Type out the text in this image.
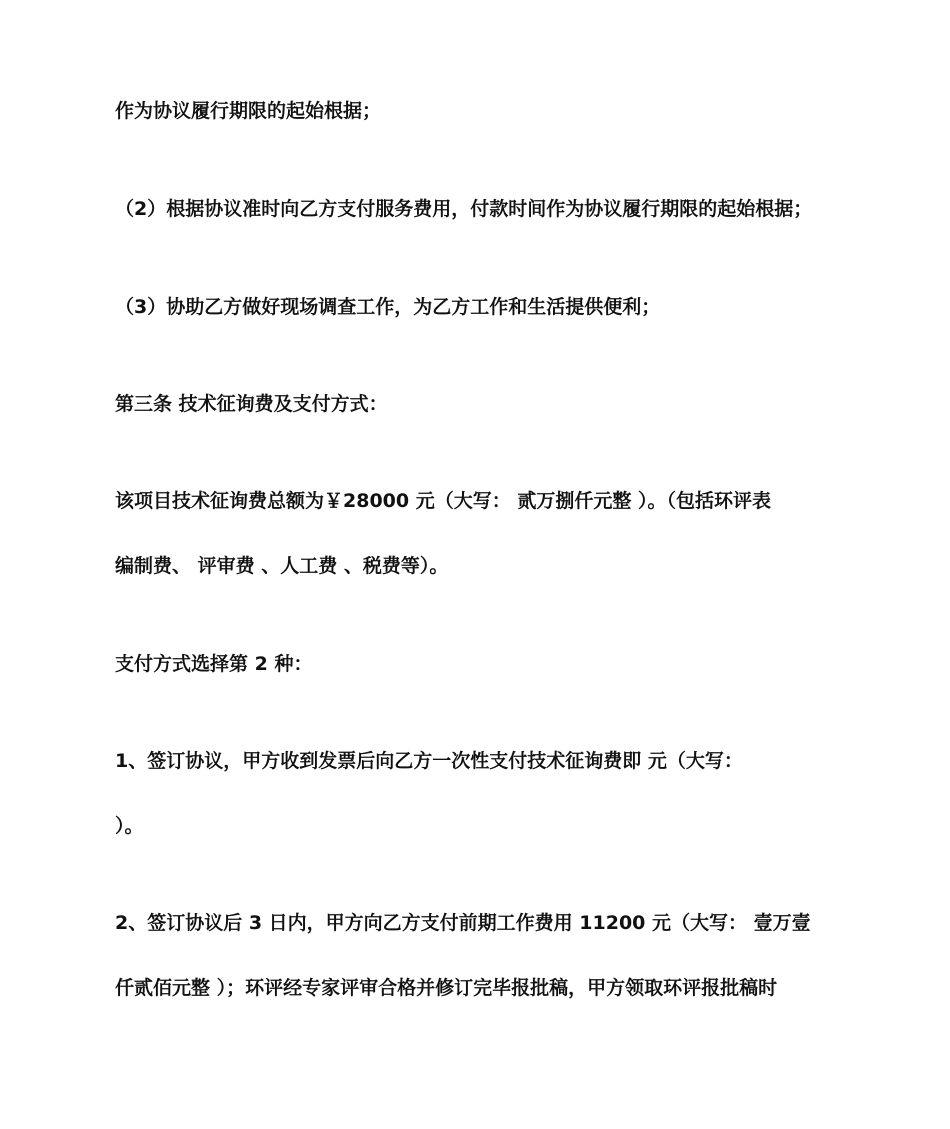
作为协议履行期限的起始根据；

（2）根据协议准时向乙方支付服务费用，付款时间作为协议履行期限的起始根据；

（3）协助乙方做好现场调查工作，为乙方工作和生活提供便利；

第三条 技术征询费及支付方式：

该项目技术征询费总额为￥28000 元（大写： 贰万捌仟元整 ）。（包括环评表

编制费、 评审费 、人工费 、税费等）。

支付方式选择第 2 种：

1、签订协议，甲方收到发票后向乙方一次性支付技术征询费即 元（大写：

）。

2、签订协议后 3 日内，甲方向乙方支付前期工作费用 11200 元（大写： 壹万壹

仟贰佰元整 ）；环评经专家评审合格并修订完毕报批稿，甲方领取环评报批稿时
